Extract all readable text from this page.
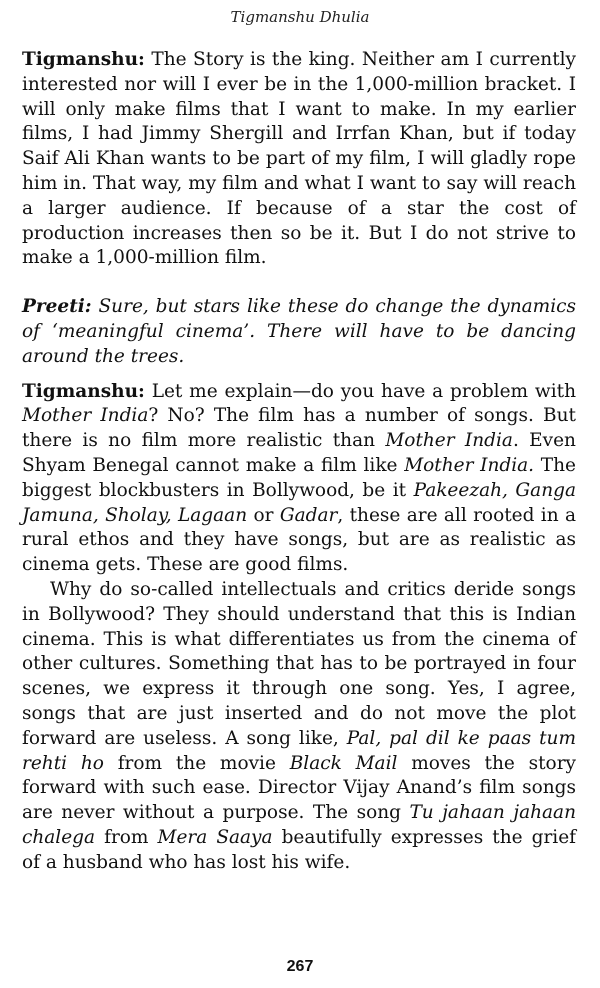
Tigmanshu Dhulia

Tigmanshu: The Story is the king. Neither am I currently interested nor will I ever be in the 1,000-million bracket. I will only make films that I want to make. In my earlier films, I had Jimmy Shergill and Irrfan Khan, but if today Saif Ali Khan wants to be part of my film, I will gladly rope him in. That way, my film and what I want to say will reach a larger audience. If because of a star the cost of production increases then so be it. But I do not strive to make a 1,000-million film.

Preeti: Sure, but stars like these do change the dynamics of ‘meaningful cinema’. There will have to be dancing around the trees.

Tigmanshu: Let me explain—do you have a problem with Mother India? No? The film has a number of songs. But there is no film more realistic than Mother India. Even Shyam Benegal cannot make a film like Mother India. The biggest blockbusters in Bollywood, be it Pakeezah, Ganga Jamuna, Sholay, Lagaan or Gadar, these are all rooted in a rural ethos and they have songs, but are as realistic as cinema gets. These are good films.

Why do so-called intellectuals and critics deride songs in Bollywood? They should understand that this is Indian cinema. This is what differentiates us from the cinema of other cultures. Something that has to be portrayed in four scenes, we express it through one song. Yes, I agree, songs that are just inserted and do not move the plot forward are useless. A song like, Pal, pal dil ke paas tum rehti ho from the movie Black Mail moves the story forward with such ease. Director Vijay Anand’s film songs are never without a purpose. The song Tu jahaan jahaan chalega from Mera Saaya beautifully expresses the grief of a husband who has lost his wife.

267
